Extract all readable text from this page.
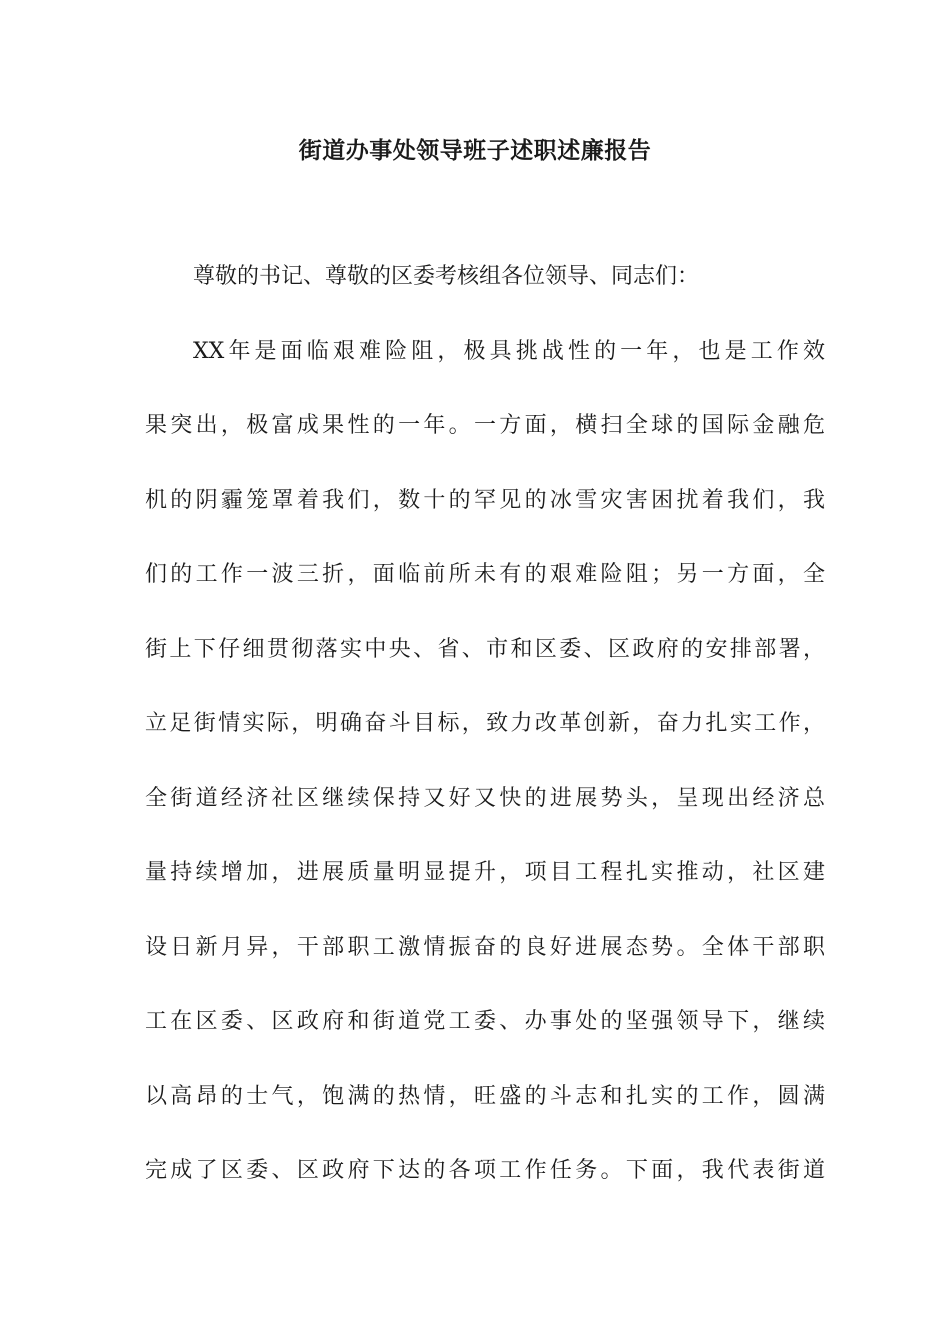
街道办事处领导班子述职述廉报告

尊敬的书记、尊敬的区委考核组各位领导、同志们：

XX年是面临艰难险阻，极具挑战性的一年，也是工作效

果突出，极富成果性的一年。一方面，横扫全球的国际金融危

机的阴霾笼罩着我们，数十的罕见的冰雪灾害困扰着我们，我

们的工作一波三折，面临前所未有的艰难险阻；另一方面，全

街上下仔细贯彻落实中央、省、市和区委、区政府的安排部署，

立足街情实际，明确奋斗目标，致力改革创新，奋力扎实工作，

全街道经济社区继续保持又好又快的进展势头，呈现出经济总

量持续增加，进展质量明显提升，项目工程扎实推动，社区建

设日新月异，干部职工激情振奋的良好进展态势。全体干部职

工在区委、区政府和街道党工委、办事处的坚强领导下，继续

以高昂的士气，饱满的热情，旺盛的斗志和扎实的工作，圆满

完成了区委、区政府下达的各项工作任务。下面，我代表街道
